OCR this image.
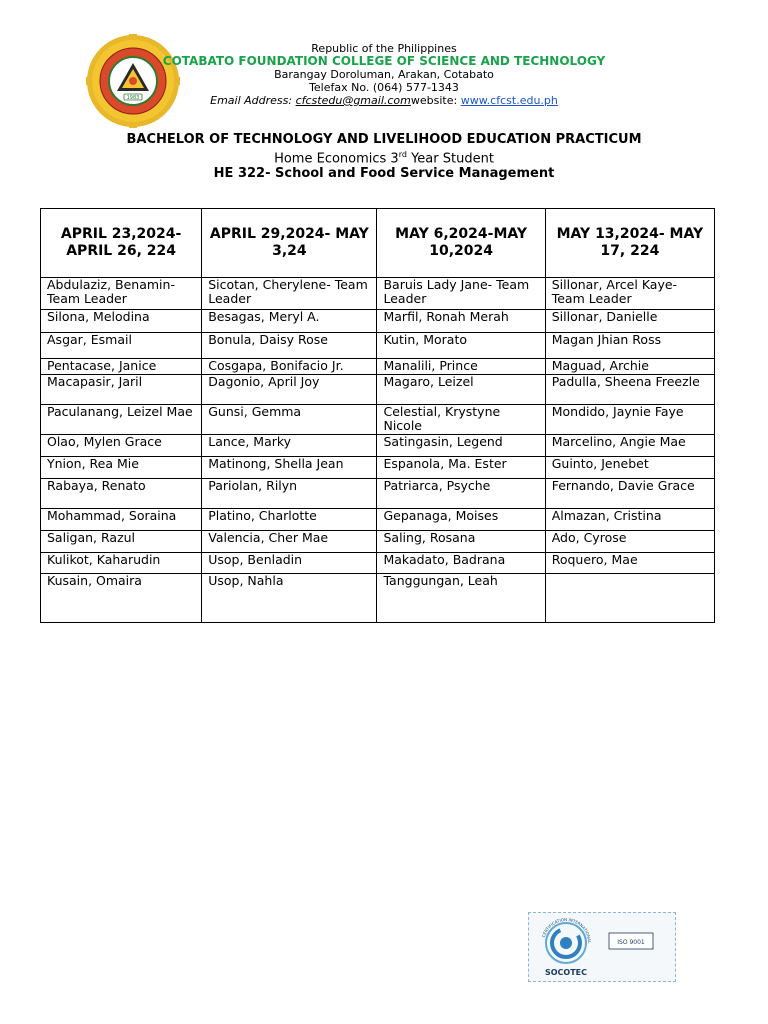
1983
Republic of the Philippines
COTABATO FOUNDATION COLLEGE OF SCIENCE AND TECHNOLOGY
Barangay Doroluman, Arakan, Cotabato
Telefax No. (064) 577-1343
Email Address: cfcstedu@gmail.comwebsite: www.cfcst.edu.ph
BACHELOR OF TECHNOLOGY AND LIVELIHOOD EDUCATION PRACTICUM
Home Economics 3rd Year Student
HE 322- School and Food Service Management
APRIL 23,2024- APRIL 26, 224	APRIL 29,2024- MAY 3,24	MAY 6,2024-MAY 10,2024	MAY 13,2024- MAY 17, 224
Abdulaziz, Benamin- Team Leader	Sicotan, Cherylene- Team Leader	Baruis Lady Jane- Team Leader	Sillonar, Arcel Kaye- Team Leader
Silona, Melodina	Besagas, Meryl A.	Marfil, Ronah Merah	Sillonar, Danielle
Asgar, Esmail	Bonula, Daisy Rose	Kutin, Morato	Magan Jhian Ross
Pentacase, Janice	Cosgapa, Bonifacio Jr.	Manalili, Prince	Maguad, Archie
Macapasir, Jaril	Dagonio, April Joy	Magaro, Leizel	Padulla, Sheena Freezle
Paculanang, Leizel Mae	Gunsi, Gemma	Celestial, Krystyne Nicole	Mondido, Jaynie Faye
Olao, Mylen Grace	Lance, Marky	Satingasin, Legend	Marcelino, Angie Mae
Ynion, Rea Mie	Matinong, Shella Jean	Espanola, Ma. Ester	Guinto, Jenebet
Rabaya, Renato	Pariolan, Rilyn	Patriarca, Psyche	Fernando, Davie Grace
Mohammad, Soraina	Platino, Charlotte	Gepanaga, Moises	Almazan, Cristina
Saligan, Razul	Valencia, Cher Mae	Saling, Rosana	Ado, Cyrose
Kulikot, Kaharudin	Usop, Benladin	Makadato, Badrana	Roquero, Mae
Kusain, Omaira	Usop, Nahla	Tanggungan, Leah	
CERTIFICATION INTERNATIONAL
SOCOTEC
ISO 9001
